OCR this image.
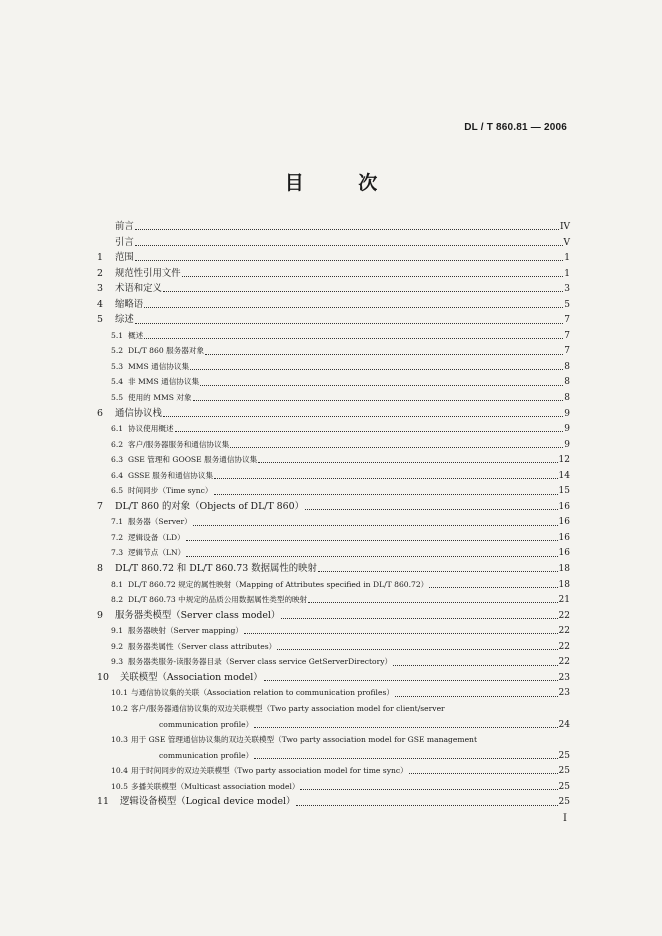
DL / T 860.81 — 2006
目 次
前言	IV
引言	V
1	范围	1
2	规范性引用文件	1
3	术语和定义	3
4	缩略语	5
5	综述	7
5.1 概述	7
5.2 DL/T 860 服务器对象	7
5.3 MMS 通信协议集	8
5.4 非 MMS 通信协议集	8
5.5 使用的 MMS 对象	8
6	通信协议栈	9
6.1 协议使用概述	9
6.2 客户/服务器服务和通信协议集	9
6.3 GSE 管理和 GOOSE 服务通信协议集	12
6.4 GSSE 服务和通信协议集	14
6.5 时间同步（Time sync）	15
7	DL/T 860 的对象（Objects of DL/T 860）	16
7.1 服务器（Server）	16
7.2 逻辑设备（LD）	16
7.3 逻辑节点（LN）	16
8	DL/T 860.72 和 DL/T 860.73 数据属性的映射	18
8.1 DL/T 860.72 规定的属性映射（Mapping of Attributes specified in DL/T 860.72）	18
8.2 DL/T 860.73 中规定的品质公用数据属性类型的映射	21
9	服务器类模型（Server class model）	22
9.1 服务器映射（Server mapping）	22
9.2 服务器类属性（Server class attributes）	22
9.3 服务器类服务-读服务器目录（Server class service GetServerDirectory）	22
10	关联模型（Association model）	23
10.1 与通信协议集的关联（Association relation to communication profiles）	23
10.2 客户/服务器通信协议集的双边关联模型（Two party association model for client/server
communication profile）	24
10.3 用于 GSE 管理通信协议集的双边关联模型（Two party association model for GSE management
communication profile）	25
10.4 用于时间同步的双边关联模型（Two party association model for time sync）	25
10.5 多播关联模型（Multicast association model）	25
11	逻辑设备模型（Logical device model）	25
I
